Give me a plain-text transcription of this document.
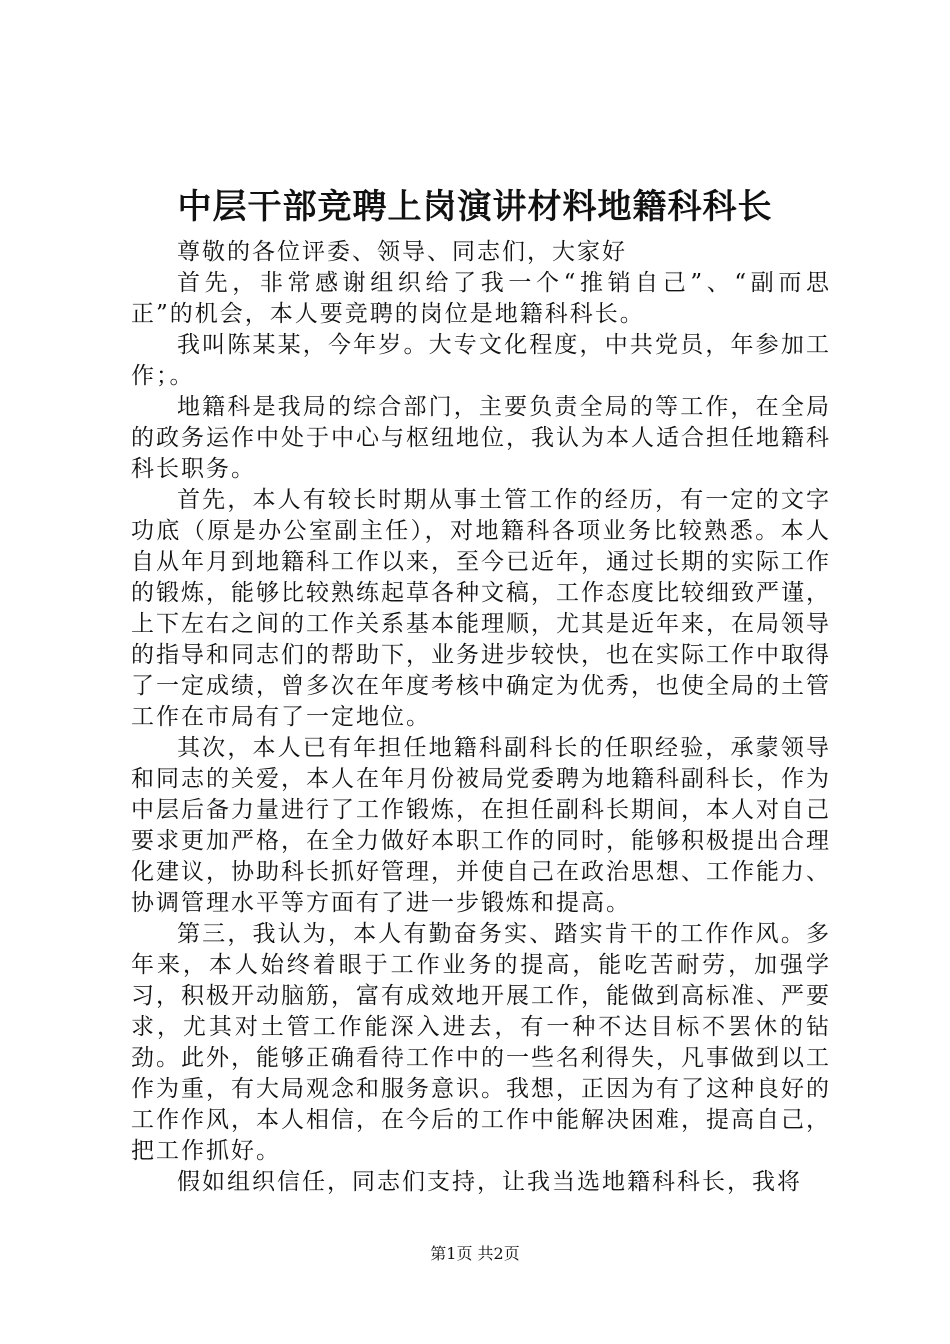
中层干部竞聘上岗演讲材料地籍科科长

尊敬的各位评委、领导、同志们，大家好

首先，非常感谢组织给了我一个“推销自己”、“副而思正”的机会，本人要竞聘的岗位是地籍科科长。

我叫陈某某，今年岁。大专文化程度，中共党员，年参加工作；。

地籍科是我局的综合部门，主要负责全局的等工作，在全局的政务运作中处于中心与枢纽地位，我认为本人适合担任地籍科科长职务。

首先，本人有较长时期从事土管工作的经历，有一定的文字功底（原是办公室副主任），对地籍科各项业务比较熟悉。本人自从年月到地籍科工作以来，至今已近年，通过长期的实际工作的锻炼，能够比较熟练起草各种文稿，工作态度比较细致严谨，上下左右之间的工作关系基本能理顺，尤其是近年来，在局领导的指导和同志们的帮助下，业务进步较快，也在实际工作中取得了一定成绩，曾多次在年度考核中确定为优秀，也使全局的土管工作在市局有了一定地位。

其次，本人已有年担任地籍科副科长的任职经验，承蒙领导和同志的关爱，本人在年月份被局党委聘为地籍科副科长，作为中层后备力量进行了工作锻炼，在担任副科长期间，本人对自己要求更加严格，在全力做好本职工作的同时，能够积极提出合理化建议，协助科长抓好管理，并使自己在政治思想、工作能力、协调管理水平等方面有了进一步锻炼和提高。

第三，我认为，本人有勤奋务实、踏实肯干的工作作风。多年来，本人始终着眼于工作业务的提高，能吃苦耐劳，加强学习，积极开动脑筋，富有成效地开展工作，能做到高标准、严要求，尤其对土管工作能深入进去，有一种不达目标不罢休的钻劲。此外，能够正确看待工作中的一些名利得失，凡事做到以工作为重，有大局观念和服务意识。我想，正因为有了这种良好的工作作风，本人相信，在今后的工作中能解决困难，提高自己，把工作抓好。

假如组织信任，同志们支持，让我当选地籍科科长，我将

第1页 共2页
